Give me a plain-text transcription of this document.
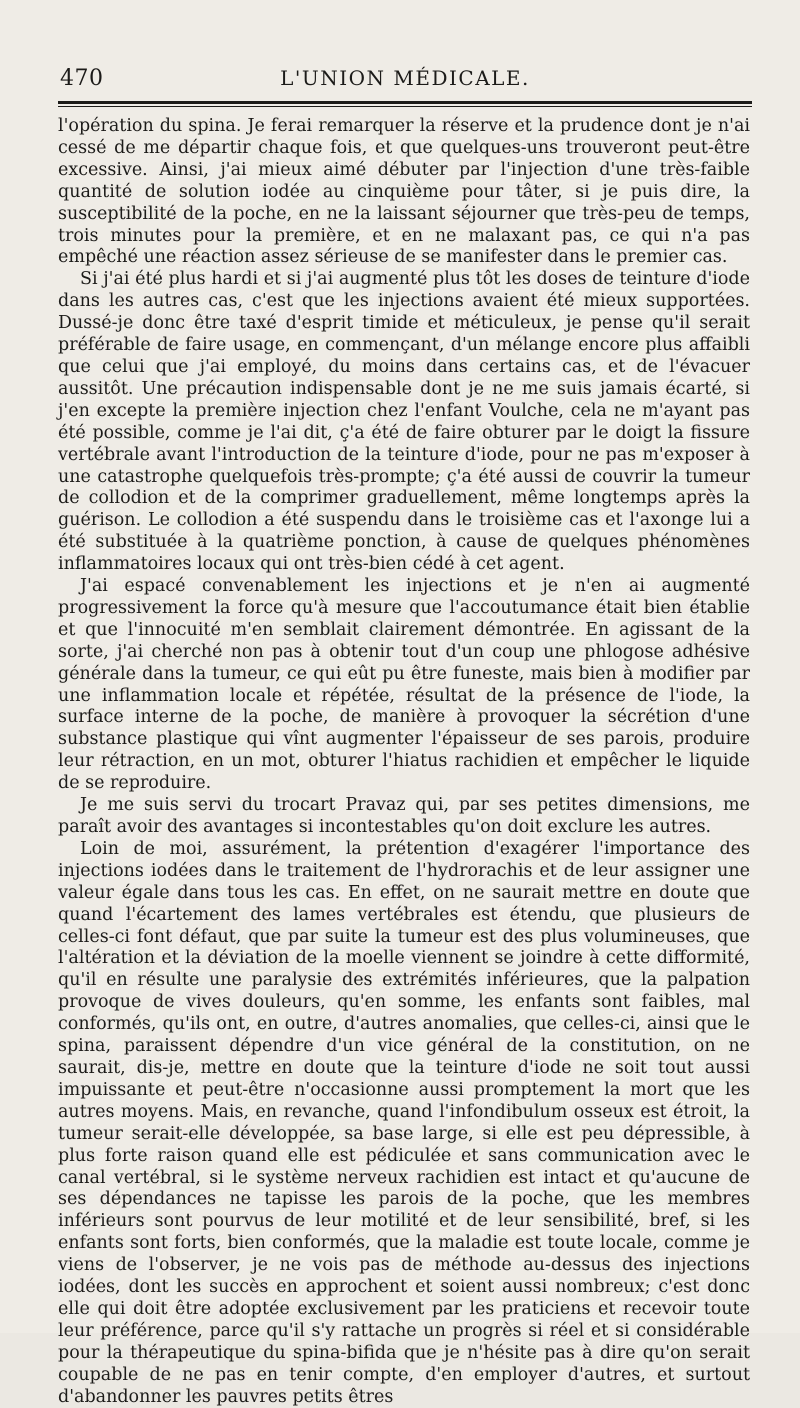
470	L'UNION MÉDICALE.

l'opération du spina. Je ferai remarquer la réserve et la prudence dont je n'ai cessé de me départir chaque fois, et que quelques-uns trouveront peut-être excessive. Ainsi, j'ai mieux aimé débuter par l'injection d'une très-faible quantité de solution iodée au cinquième pour tâter, si je puis dire, la susceptibilité de la poche, en ne la laissant séjourner que très-peu de temps, trois minutes pour la première, et en ne malaxant pas, ce qui n'a pas empêché une réaction assez sérieuse de se manifester dans le premier cas.

Si j'ai été plus hardi et si j'ai augmenté plus tôt les doses de teinture d'iode dans les autres cas, c'est que les injections avaient été mieux supportées. Dussé-je donc être taxé d'esprit timide et méticuleux, je pense qu'il serait préférable de faire usage, en commençant, d'un mélange encore plus affaibli que celui que j'ai employé, du moins dans certains cas, et de l'évacuer aussitôt. Une précaution indispensable dont je ne me suis jamais écarté, si j'en excepte la première injection chez l'enfant Voulche, cela ne m'ayant pas été possible, comme je l'ai dit, ç'a été de faire obturer par le doigt la fissure vertébrale avant l'introduction de la teinture d'iode, pour ne pas m'exposer à une catastrophe quelquefois très-prompte; ç'a été aussi de couvrir la tumeur de collodion et de la comprimer graduellement, même longtemps après la guérison. Le collodion a été suspendu dans le troisième cas et l'axonge lui a été substituée à la quatrième ponction, à cause de quelques phénomènes inflammatoires locaux qui ont très-bien cédé à cet agent.

J'ai espacé convenablement les injections et je n'en ai augmenté progressivement la force qu'à mesure que l'accoutumance était bien établie et que l'innocuité m'en semblait clairement démontrée. En agissant de la sorte, j'ai cherché non pas à obtenir tout d'un coup une phlogose adhésive générale dans la tumeur, ce qui eût pu être funeste, mais bien à modifier par une inflammation locale et répétée, résultat de la présence de l'iode, la surface interne de la poche, de manière à provoquer la sécrétion d'une substance plastique qui vînt augmenter l'épaisseur de ses parois, produire leur rétraction, en un mot, obturer l'hiatus rachidien et empêcher le liquide de se reproduire.

Je me suis servi du trocart Pravaz qui, par ses petites dimensions, me paraît avoir des avantages si incontestables qu'on doit exclure les autres.

Loin de moi, assurément, la prétention d'exagérer l'importance des injections iodées dans le traitement de l'hydrorachis et de leur assigner une valeur égale dans tous les cas. En effet, on ne saurait mettre en doute que quand l'écartement des lames vertébrales est étendu, que plusieurs de celles-ci font défaut, que par suite la tumeur est des plus volumineuses, que l'altération et la déviation de la moelle viennent se joindre à cette difformité, qu'il en résulte une paralysie des extrémités inférieures, que la palpation provoque de vives douleurs, qu'en somme, les enfants sont faibles, mal conformés, qu'ils ont, en outre, d'autres anomalies, que celles-ci, ainsi que le spina, paraissent dépendre d'un vice général de la constitution, on ne saurait, dis-je, mettre en doute que la teinture d'iode ne soit tout aussi impuissante et peut-être n'occasionne aussi promptement la mort que les autres moyens. Mais, en revanche, quand l'infondibulum osseux est étroit, la tumeur serait-elle développée, sa base large, si elle est peu dépressible, à plus forte raison quand elle est pédiculée et sans communication avec le canal vertébral, si le système nerveux rachidien est intact et qu'aucune de ses dépendances ne tapisse les parois de la poche, que les membres inférieurs sont pourvus de leur motilité et de leur sensibilité, bref, si les enfants sont forts, bien conformés, que la maladie est toute locale, comme je viens de l'observer, je ne vois pas de méthode au-dessus des injections iodées, dont les succès en approchent et soient aussi nombreux; c'est donc elle qui doit être adoptée exclusivement par les praticiens et recevoir toute leur préférence, parce qu'il s'y rattache un progrès si réel et si considérable pour la thérapeutique du spina-bifida que je n'hésite pas à dire qu'on serait coupable de ne pas en tenir compte, d'en employer d'autres, et surtout d'abandonner les pauvres petits êtres
